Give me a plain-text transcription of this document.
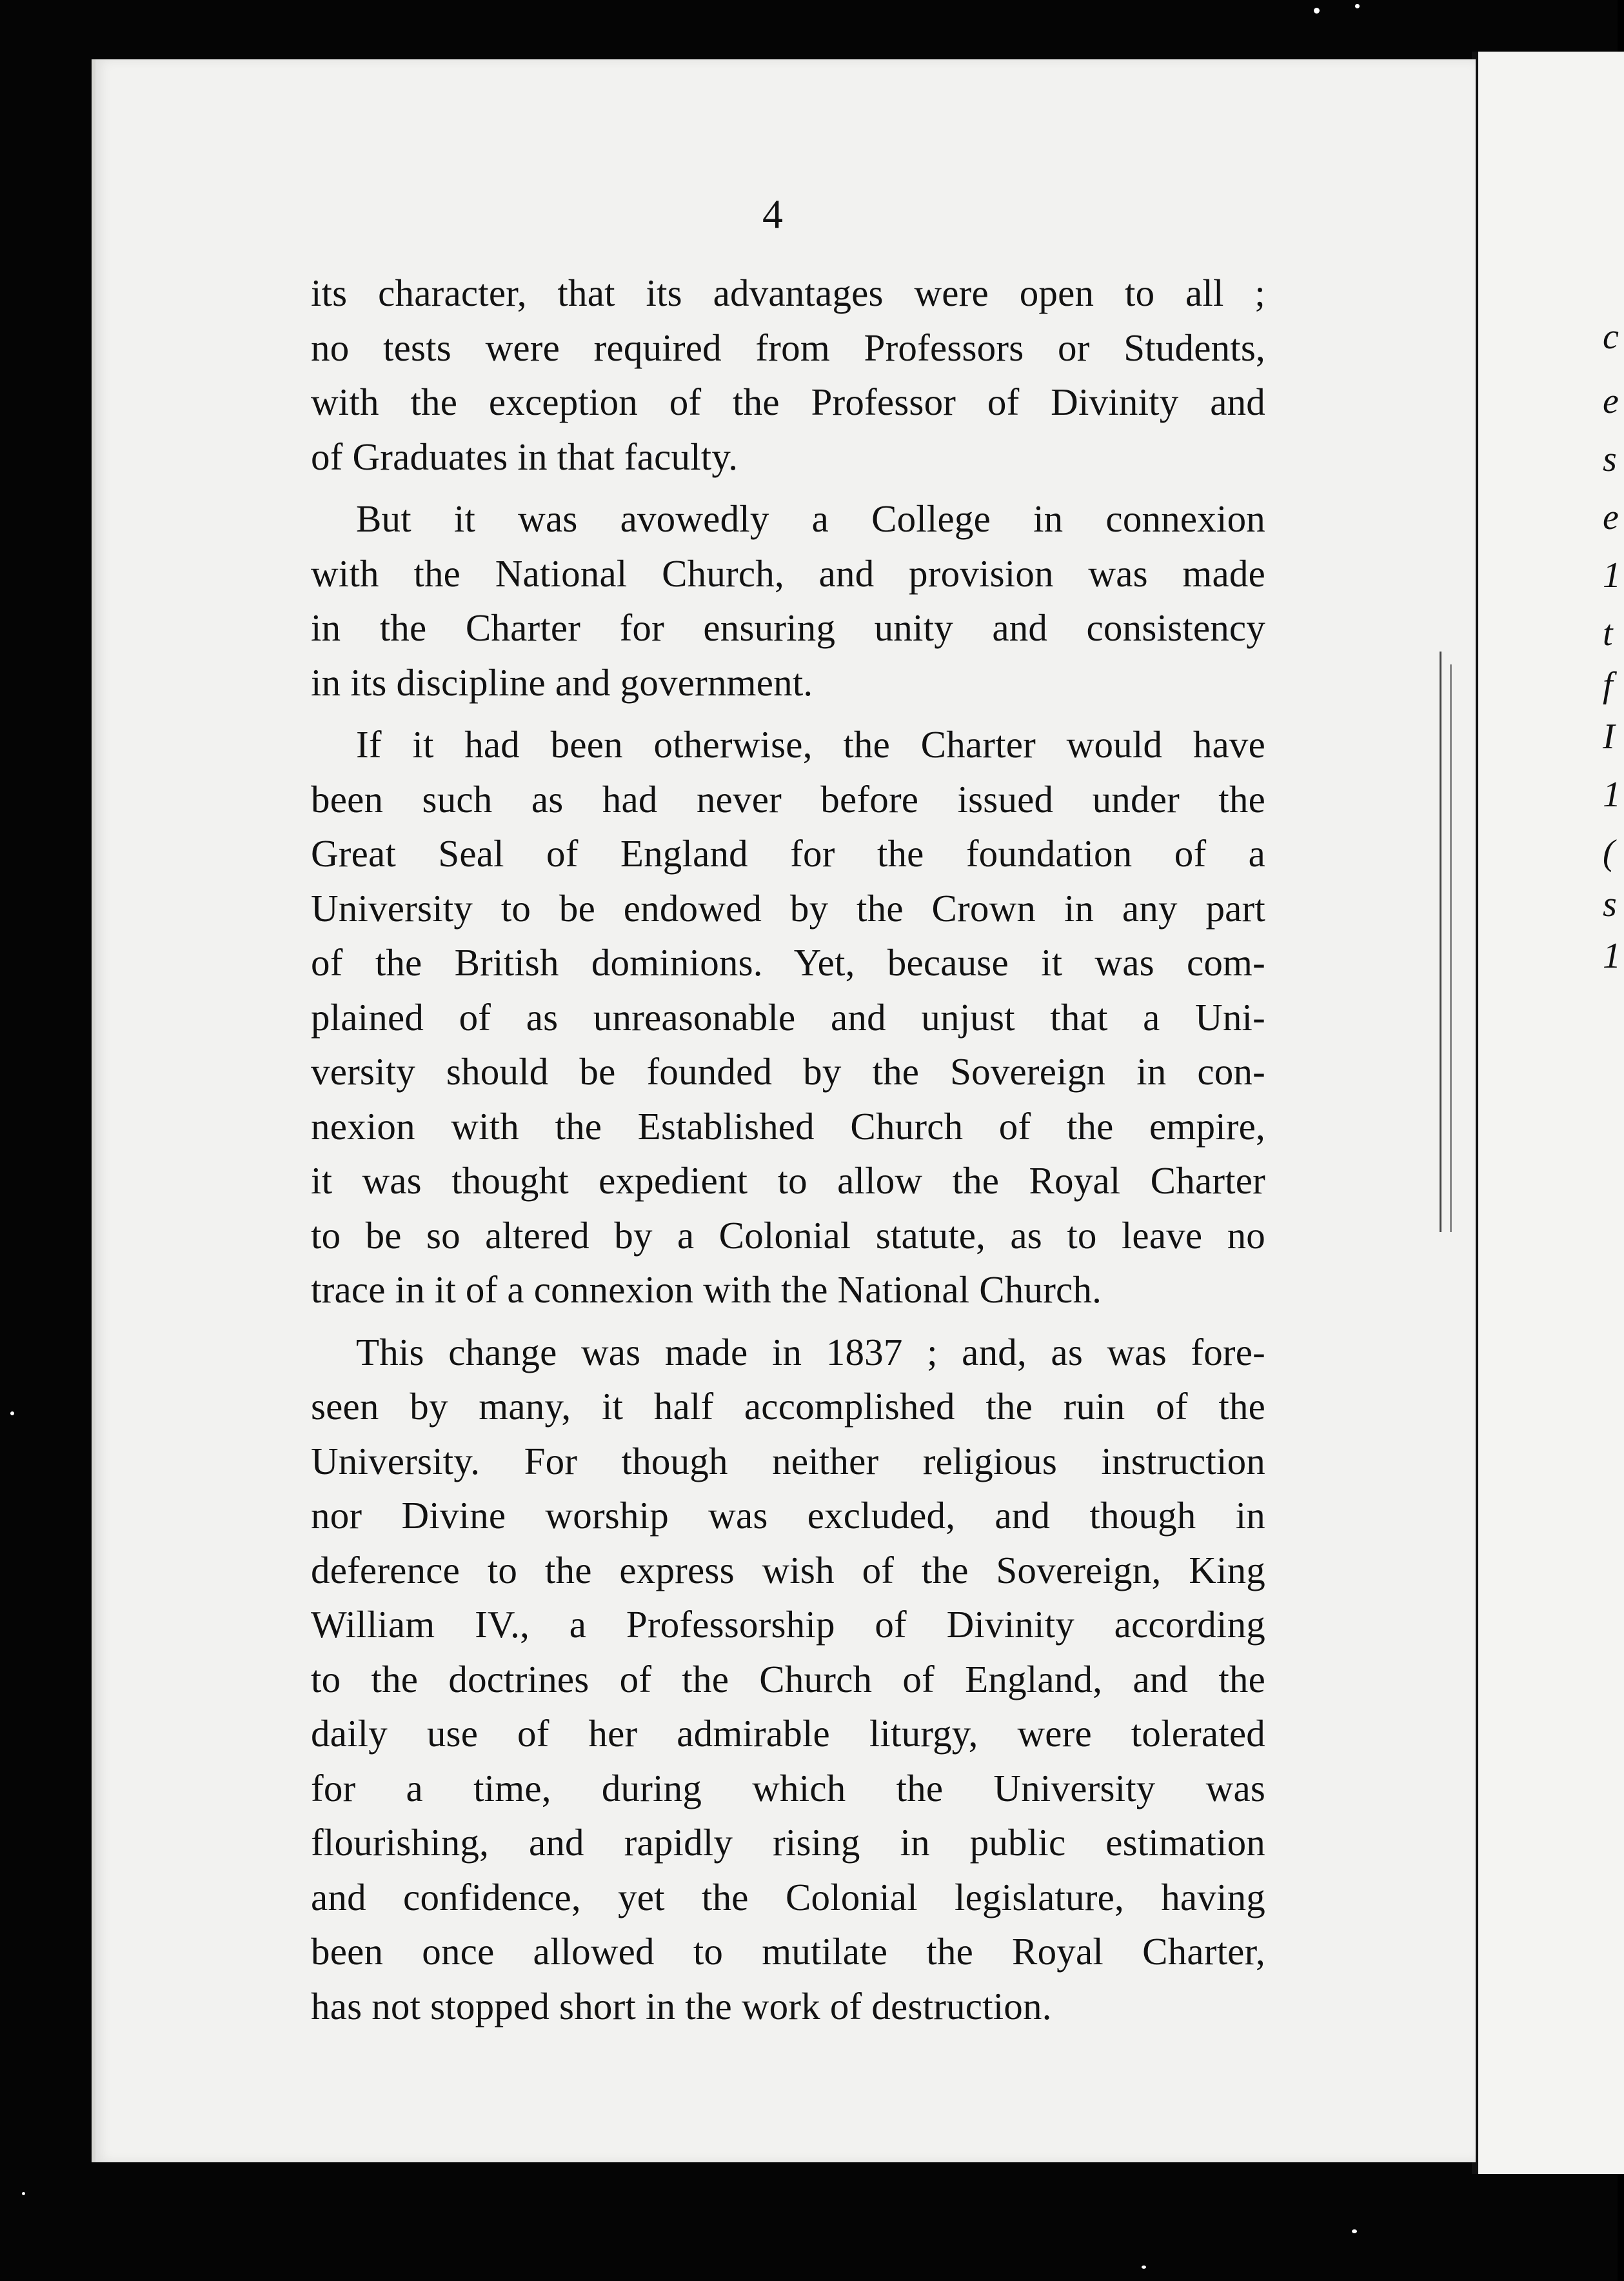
c
e
s
e
1
t
f
I
1
(
s
1
4
its character, that its advantages were open to all ;
no tests were required from Professors or Students,
with the exception of the Professor of Divinity and
of Graduates in that faculty.
But it was avowedly a College in connexion
with the National Church, and provision was made
in the Charter for ensuring unity and consistency
in its discipline and government.
If it had been otherwise, the Charter would have
been such as had never before issued under the
Great Seal of England for the foundation of a
University to be endowed by the Crown in any part
of the British dominions. Yet, because it was com-
plained of as unreasonable and unjust that a Uni-
versity should be founded by the Sovereign in con-
nexion with the Established Church of the empire,
it was thought expedient to allow the Royal Charter
to be so altered by a Colonial statute, as to leave no
trace in it of a connexion with the National Church.
This change was made in 1837 ; and, as was fore-
seen by many, it half accomplished the ruin of the
University. For though neither religious instruction
nor Divine worship was excluded, and though in
deference to the express wish of the Sovereign, King
William IV., a Professorship of Divinity according
to the doctrines of the Church of England, and the
daily use of her admirable liturgy, were tolerated
for a time, during which the University was
flourishing, and rapidly rising in public estimation
and confidence, yet the Colonial legislature, having
been once allowed to mutilate the Royal Charter,
has not stopped short in the work of destruction.
